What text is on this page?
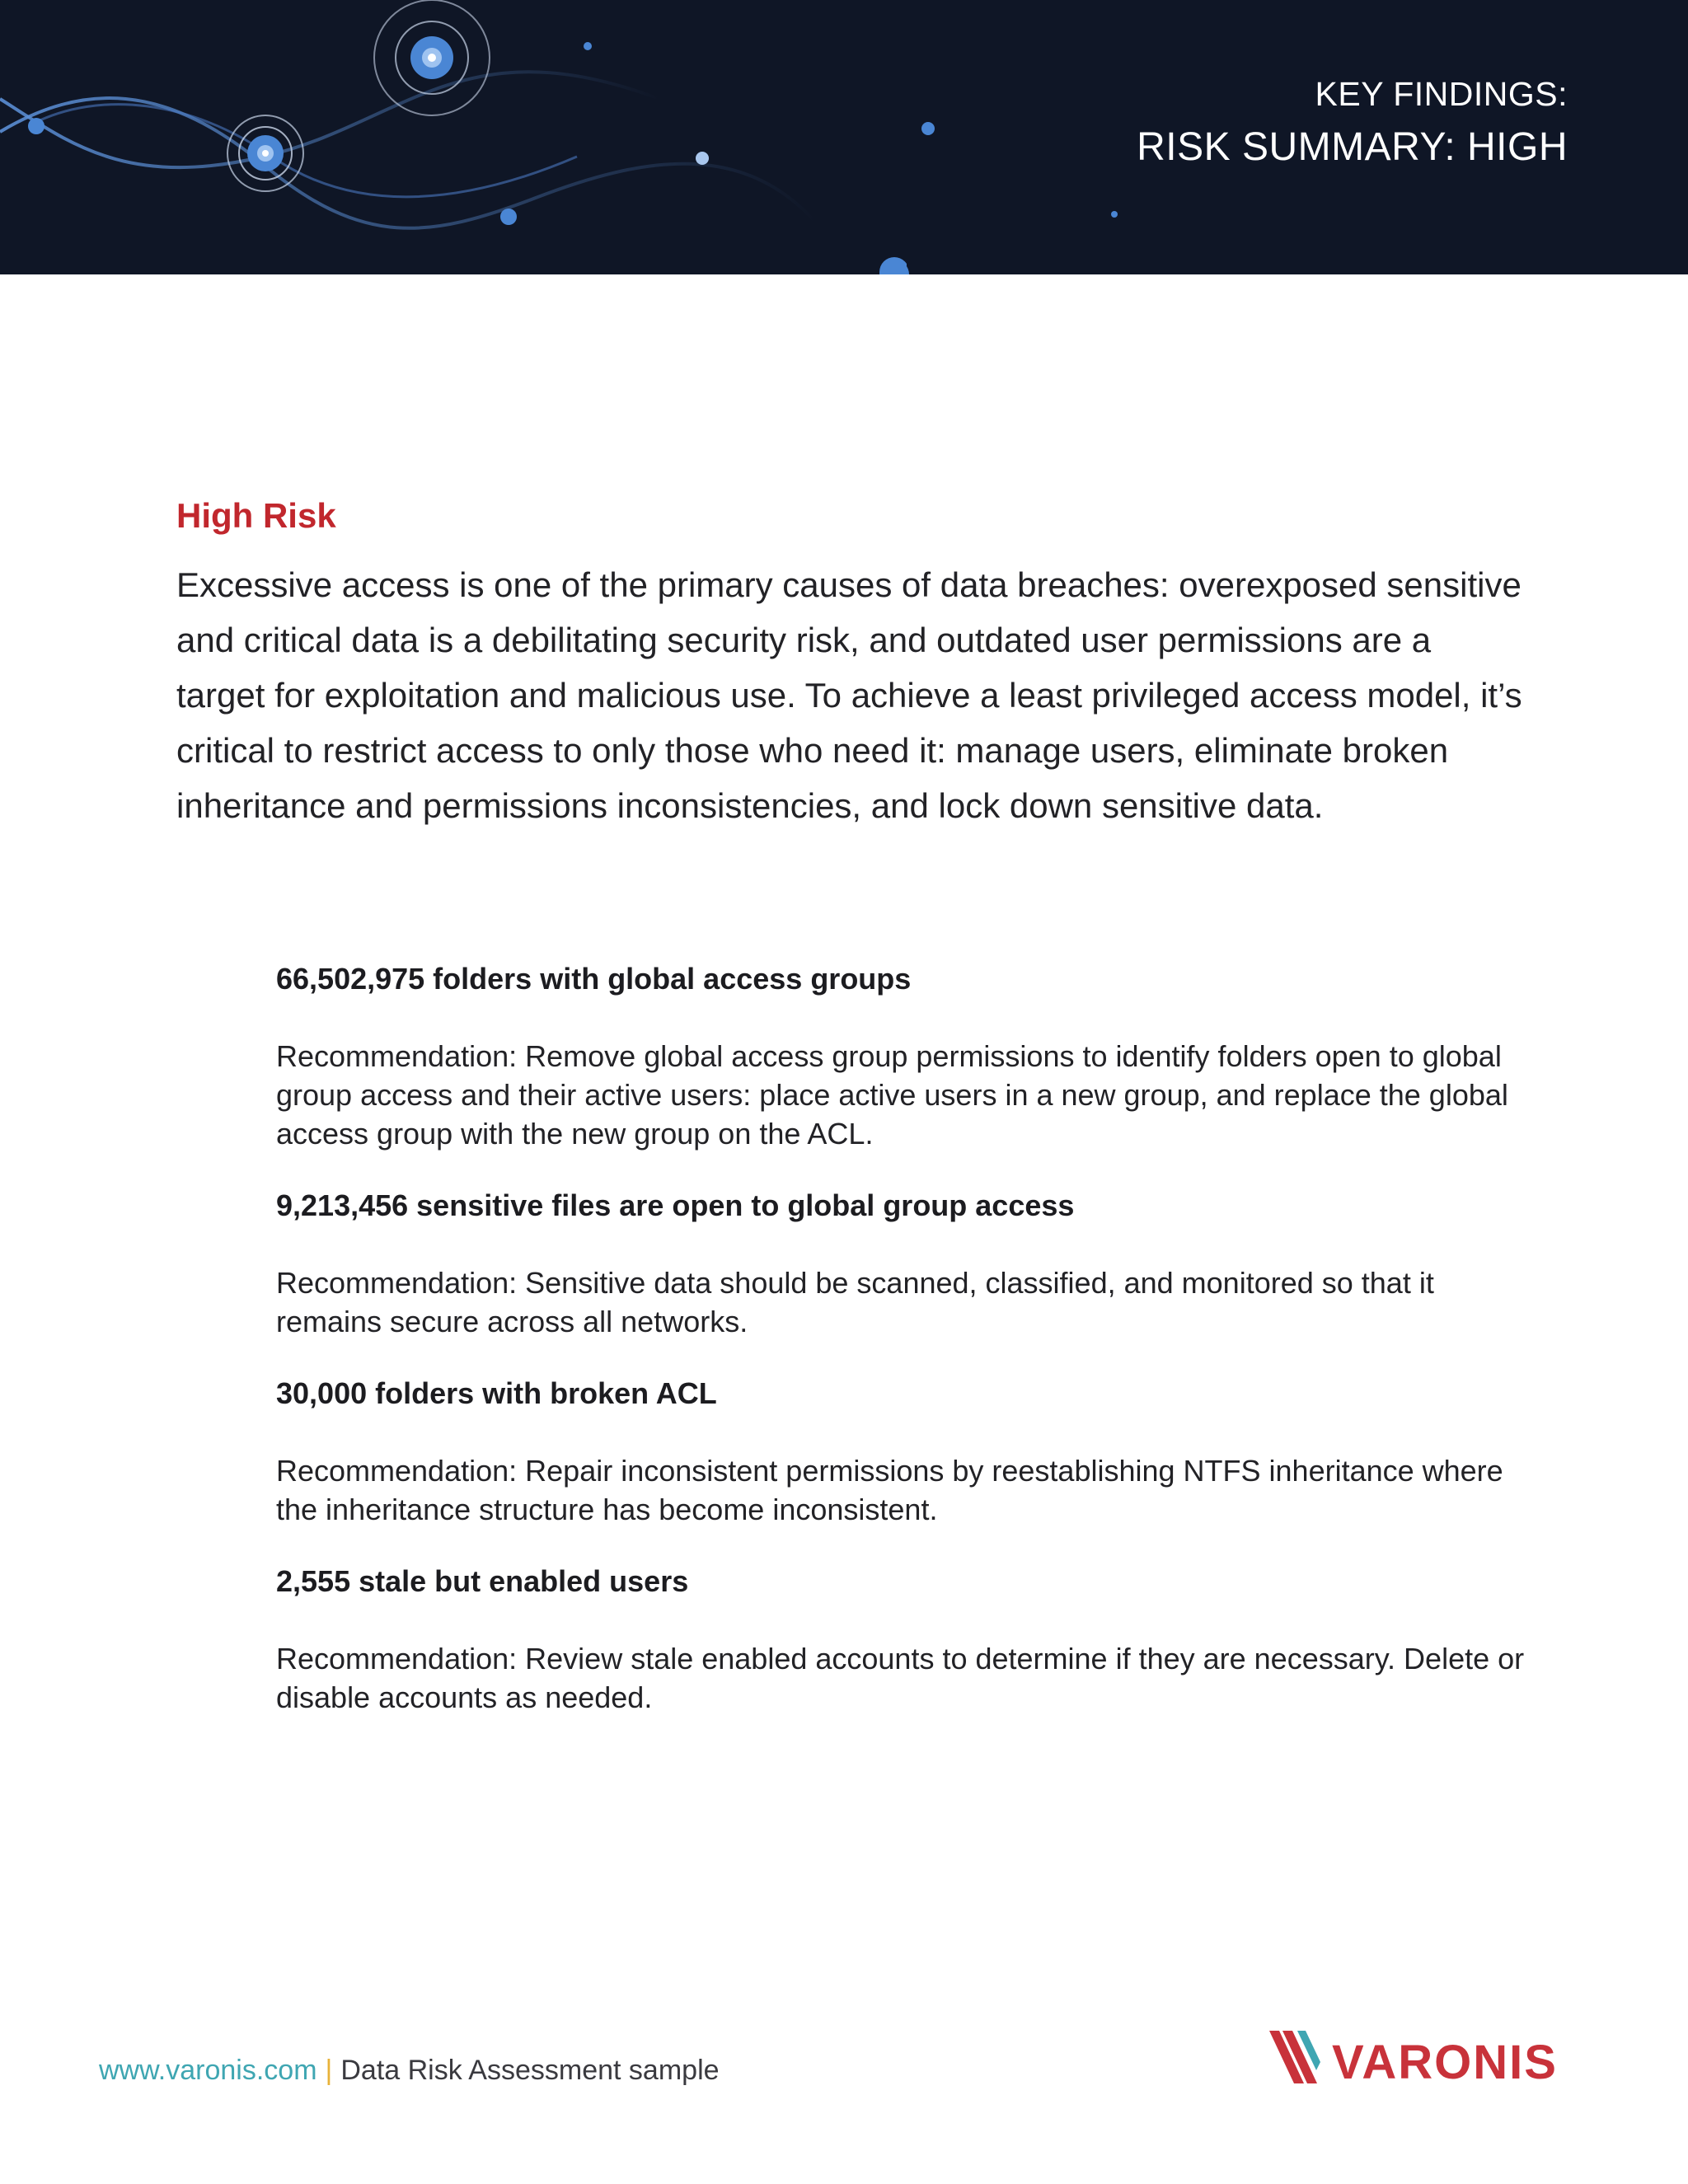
KEY FINDINGS:
RISK SUMMARY: HIGH
High Risk

Excessive access is one of the primary causes of data breaches: overexposed sensitive and critical data is a debilitating security risk, and outdated user permissions are a target for exploitation and malicious use. To achieve a least privileged access model, it’s critical to restrict access to only those who need it: manage users, eliminate broken inheritance and permissions inconsistencies, and lock down sensitive data.

66,502,975 folders with global access groups

Recommendation: Remove global access group permissions to identify folders open to global group access and their active users: place active users in a new group, and replace the global access group with the new group on the ACL.

9,213,456 sensitive files are open to global group access

Recommendation: Sensitive data should be scanned, classified, and monitored so that it remains secure across all networks.

30,000 folders with broken ACL

Recommendation: Repair inconsistent permissions by reestablishing NTFS inheritance where the inheritance structure has become inconsistent.

2,555 stale but enabled users

Recommendation: Review stale enabled accounts to determine if they are necessary. Delete or disable accounts as needed.

www.varonis.com | Data Risk Assessment sample	VARONIS
